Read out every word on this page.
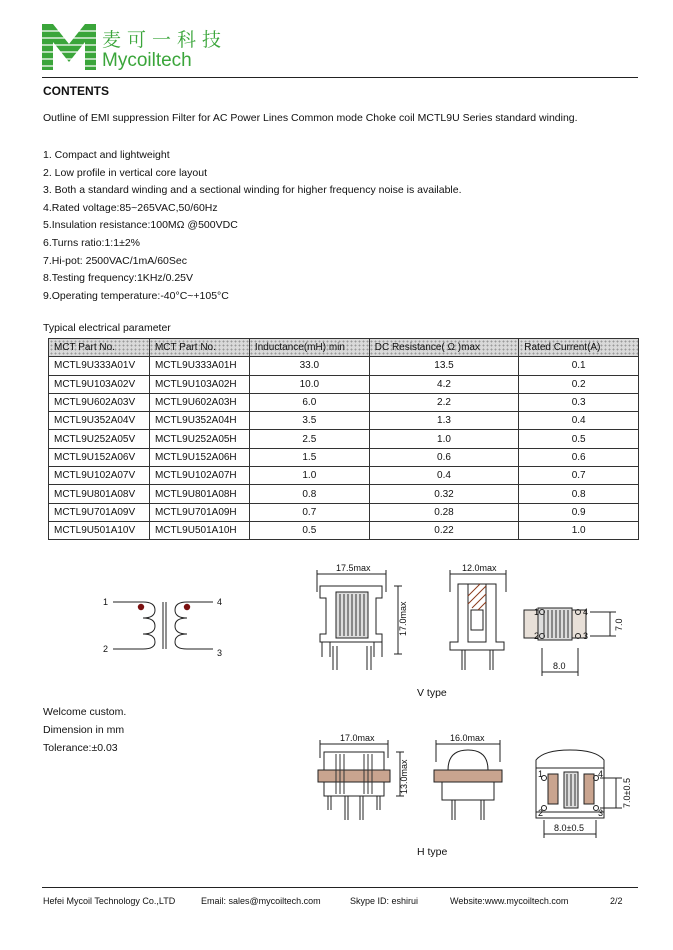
麦可一科技
Mycoiltech
CONTENTS
Outline of EMI suppression Filter for AC Power Lines Common mode Choke coil MCTL9U Series standard winding.
1. Compact and lightweight
2. Low profile in vertical core layout
3. Both a standard winding and a sectional winding for higher frequency noise is available.
4.Rated voltage:85~265VAC,50/60Hz
5.Insulation resistance:100MΩ @500VDC
6.Turns ratio:1:1±2%
7.Hi-pot: 2500VAC/1mA/60Sec
8.Testing frequency:1KHz/0.25V
9.Operating temperature:-40°C~+105°C
Typical electrical parameter
MCT Part No.	MCT Part No.	Inductance(mH) min	DC Resistance( Ω )max	Rated Current(A)
MCTL9U333A01V	MCTL9U333A01H	33.0	13.5	0.1
MCTL9U103A02V	MCTL9U103A02H	10.0	4.2	0.2
MCTL9U602A03V	MCTL9U602A03H	6.0	2.2	0.3
MCTL9U352A04V	MCTL9U352A04H	3.5	1.3	0.4
MCTL9U252A05V	MCTL9U252A05H	2.5	1.0	0.5
MCTL9U152A06V	MCTL9U152A06H	1.5	0.6	0.6
MCTL9U102A07V	MCTL9U102A07H	1.0	0.4	0.7
MCTL9U801A08V	MCTL9U801A08H	0.8	0.32	0.8
MCTL9U701A09V	MCTL9U701A09H	0.7	0.28	0.9
MCTL9U501A10V	MCTL9U501A10H	0.5	0.22	1.0
1
2	3
4
17.5max
17.0max
12.0max
1
2	3
4
8.0
7.0
V type
Welcome custom.
Dimension in mm
Tolerance:±0.03
17.0max
13.0max
16.0max
1
2	3
4
8.0±0.5
7.0±0.5
H type
Hefei Mycoil Technology Co.,LTD	Email: sales@mycoiltech.com	Skype ID: eshirui	Website:www.mycoiltech.com	2/2
